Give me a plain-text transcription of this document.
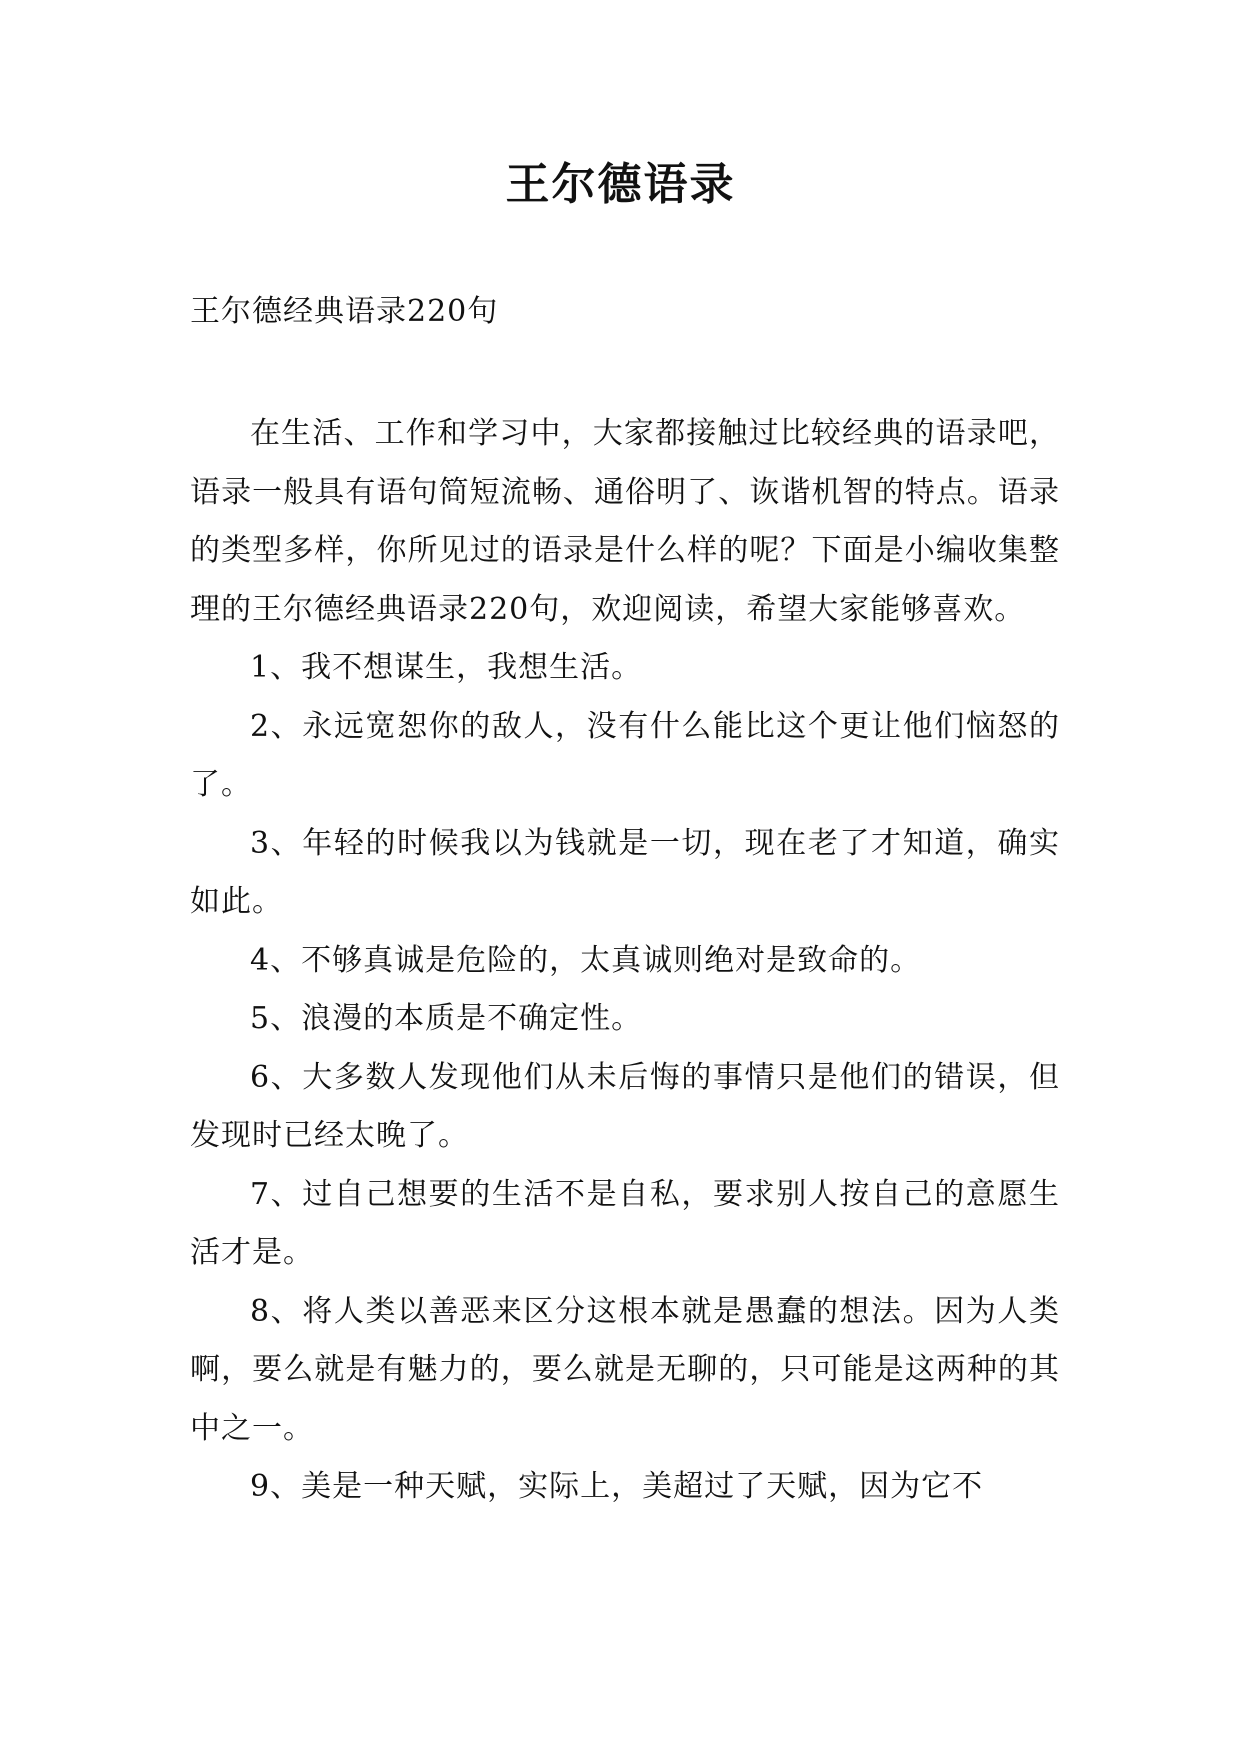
王尔德语录
王尔德经典语录220句

在生活、工作和学习中，大家都接触过比较经典的语录吧，语录一般具有语句简短流畅、通俗明了、诙谐机智的特点。语录的类型多样，你所见过的语录是什么样的呢？下面是小编收集整理的王尔德经典语录220句，欢迎阅读，希望大家能够喜欢。

1、我不想谋生，我想生活。

2、永远宽恕你的敌人，没有什么能比这个更让他们恼怒的了。

3、年轻的时候我以为钱就是一切，现在老了才知道，确实如此。

4、不够真诚是危险的，太真诚则绝对是致命的。

5、浪漫的本质是不确定性。

6、大多数人发现他们从未后悔的事情只是他们的错误，但发现时已经太晚了。

7、过自己想要的生活不是自私，要求别人按自己的意愿生活才是。

8、将人类以善恶来区分这根本就是愚蠢的想法。因为人类啊，要么就是有魅力的，要么就是无聊的，只可能是这两种的其中之一。

9、美是一种天赋，实际上，美超过了天赋，因为它不
